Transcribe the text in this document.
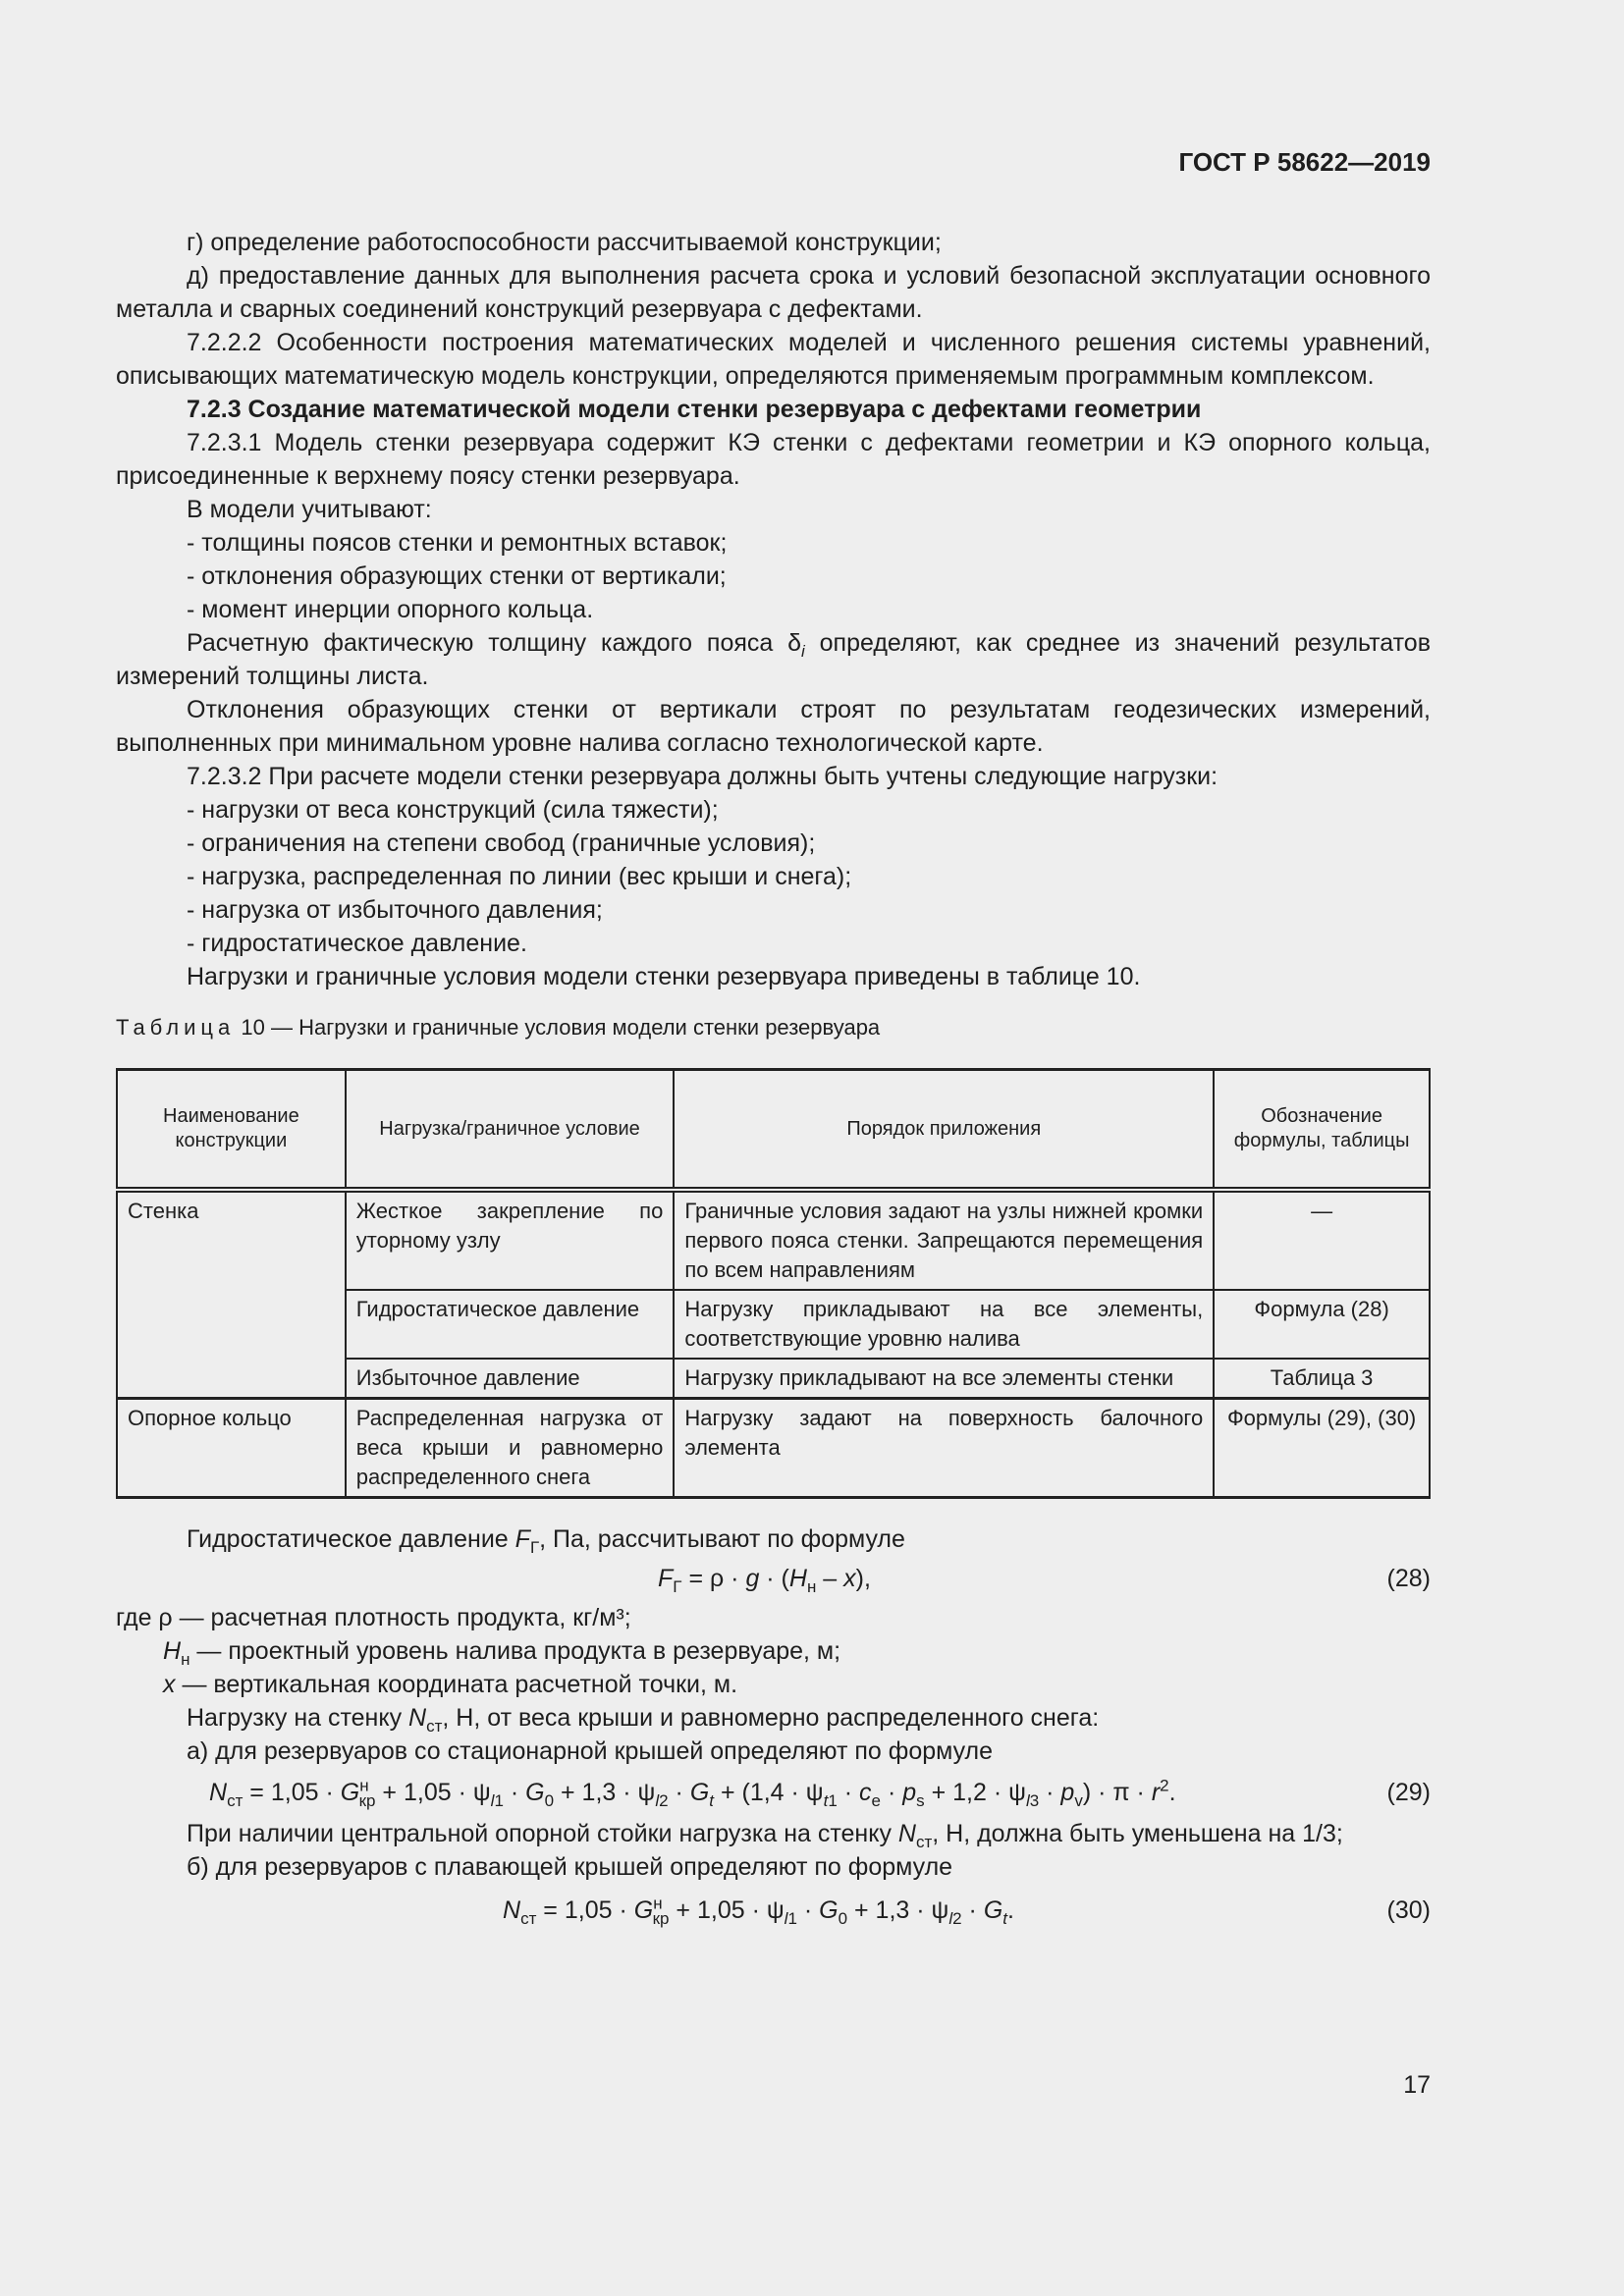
ГОСТ Р 58622—2019

г) определение работоспособности рассчитываемой конструкции;

д) предоставление данных для выполнения расчета срока и условий безопасной эксплуатации основного металла и сварных соединений конструкций резервуара с дефектами.

7.2.2.2 Особенности построения математических моделей и численного решения системы уравнений, описывающих математическую модель конструкции, определяются применяемым программным комплексом.

7.2.3 Создание математической модели стенки резервуара с дефектами геометрии

7.2.3.1 Модель стенки резервуара содержит КЭ стенки с дефектами геометрии и КЭ опорного кольца, присоединенные к верхнему поясу стенки резервуара.

В модели учитывают:

- толщины поясов стенки и ремонтных вставок;

- отклонения образующих стенки от вертикали;

- момент инерции опорного кольца.

Расчетную фактическую толщину каждого пояса $\delta_i$ определяют, как среднее из значений результатов измерений толщины листа.

Отклонения образующих стенки от вертикали строят по результатам геодезических измерений, выполненных при минимальном уровне налива согласно технологической карте.

7.2.3.2 При расчете модели стенки резервуара должны быть учтены следующие нагрузки:

- нагрузки от веса конструкций (сила тяжести);

- ограничения на степени свобод (граничные условия);

- нагрузка, распределенная по линии (вес крыши и снега);

- нагрузка от избыточного давления;

- гидростатическое давление.

Нагрузки и граничные условия модели стенки резервуара приведены в таблице 10.

Таблица 10 — Нагрузки и граничные условия модели стенки резервуара
Наименование конструкции	Нагрузка/граничное условие	Порядок приложения	Обозначение формулы, таблицы
Стенка	Жесткое закрепление по уторному узлу	Граничные условия задают на узлы нижней кромки первого пояса стенки. Запрещаются перемещения по всем направлениям	—
	Гидростатическое давление	Нагрузку прикладывают на все элементы, соответствующие уровню налива	Формула (28)
	Избыточное давление	Нагрузку прикладывают на все элементы стенки	Таблица 3
Опорное кольцо	Распределенная нагрузка от веса крыши и равномерно распределенного снега	Нагрузку задают на поверхность балочного элемента	Формулы (29), (30)

Гидростатическое давление $F_Г$, Па, рассчитывают по формуле

$F_Г = \rho \cdot g \cdot (H_н - x)$,	(28)

где ρ — расчетная плотность продукта, кг/м³;

$H_н$ — проектный уровень налива продукта в резервуаре, м;

x — вертикальная координата расчетной точки, м.

Нагрузку на стенку $N_{ст}$, Н, от веса крыши и равномерно распределенного снега:

а) для резервуаров со стационарной крышей определяют по формуле

$N_{ст} = 1,05 \cdot G^н_{кр} + 1,05 \cdot \psi_{l1} \cdot G_0 + 1,3 \cdot \psi_{l2} \cdot G_t + (1,4 \cdot \psi_{t1} \cdot c_e \cdot p_s + 1,2 \cdot \psi_{l3} \cdot p_v) \cdot \pi \cdot r^2$.	(29)

При наличии центральной опорной стойки нагрузка на стенку $N_{ст}$, Н, должна быть уменьшена на 1/3;

б) для резервуаров с плавающей крышей определяют по формуле

$N_{ст} = 1,05 \cdot G^н_{кр} + 1,05 \cdot \psi_{l1} \cdot G_0 + 1,3 \cdot \psi_{l2} \cdot G_t$.	(30)
17
